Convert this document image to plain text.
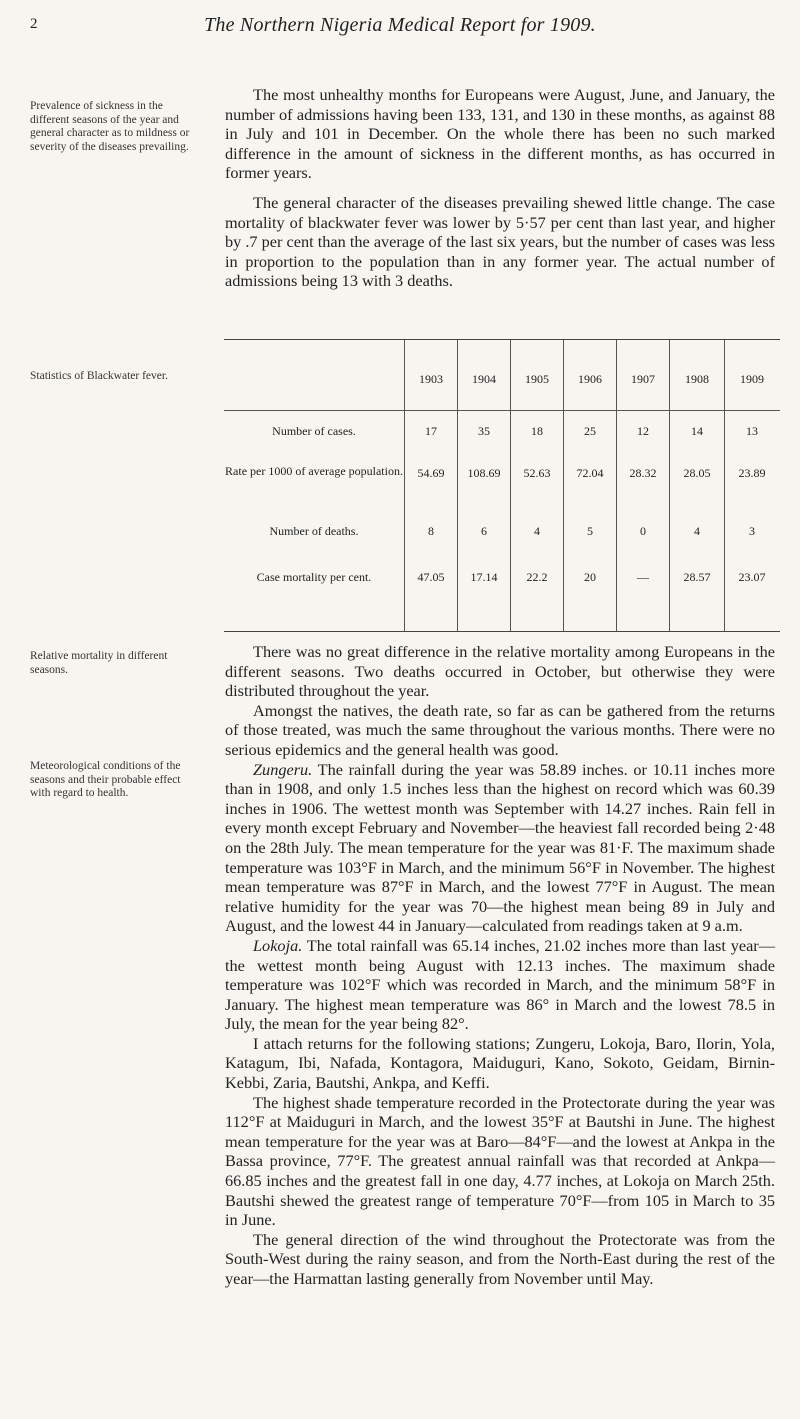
2	The Northern Nigeria Medical Report for 1909.
Prevalence of sickness in the different seasons of the year and general character as to mildness or severity of the diseases prevailing.
Statistics of Blackwater fever.
Relative mortality in different seasons.
Meteorological conditions of the seasons and their probable effect with regard to health.

The most unhealthy months for Europeans were August, June, and January, the number of admissions having been 133, 131, and 130 in these months, as against 88 in July and 101 in December. On the whole there has been no such marked difference in the amount of sickness in the different months, as has occurred in former years.

The general character of the diseases prevailing shewed little change. The case mortality of blackwater fever was lower by 5·57 per cent than last year, and higher by .7 per cent than the average of the last six years, but the number of cases was less in proportion to the population than in any former year. The actual number of admissions being 13 with 3 deaths.

1903 1904 1905 1906 1907	1908	1909
Number of cases.	17	35	18	25	12	14	13
Rate per 1000 of average population. 54.69 108.69 52.63 72.04 28.32 28.05 23.89
Number of deaths.	8	6	4	5	0	4	3
Case mortality per cent.	47.05 17.14 22.2	20	—	28.57 23.07

There was no great difference in the relative mortality among Europeans in the different seasons. Two deaths occurred in October, but otherwise they were distributed throughout the year.

Amongst the natives, the death rate, so far as can be gathered from the returns of those treated, was much the same throughout the various months. There were no serious epidemics and the general health was good.

Zungeru. The rainfall during the year was 58.89 inches. or 10.11 inches more than in 1908, and only 1.5 inches less than the highest on record which was 60.39 inches in 1906. The wettest month was September with 14.27 inches. Rain fell in every month except February and November—the heaviest fall recorded being 2·48 on the 28th July. The mean temperature for the year was 81·F. The maximum shade temperature was 103°F in March, and the minimum 56°F in November. The highest mean temperature was 87°F in March, and the lowest 77°F in August. The mean relative humidity for the year was 70—the highest mean being 89 in July and August, and the lowest 44 in January—calculated from readings taken at 9 a.m.

Lokoja. The total rainfall was 65.14 inches, 21.02 inches more than last year—the wettest month being August with 12.13 inches. The maximum shade temperature was 102°F which was recorded in March, and the minimum 58°F in January. The highest mean temperature was 86° in March and the lowest 78.5 in July, the mean for the year being 82°.

I attach returns for the following stations; Zungeru, Lokoja, Baro, Ilorin, Yola, Katagum, Ibi, Nafada, Kontagora, Maiduguri, Kano, Sokoto, Geidam, Birnin-Kebbi, Zaria, Bautshi, Ankpa, and Keffi.

The highest shade temperature recorded in the Protectorate during the year was 112°F at Maiduguri in March, and the lowest 35°F at Bautshi in June. The highest mean temperature for the year was at Baro—84°F—and the lowest at Ankpa in the Bassa province, 77°F. The greatest annual rainfall was that recorded at Ankpa—66.85 inches and the greatest fall in one day, 4.77 inches, at Lokoja on March 25th. Bautshi shewed the greatest range of temperature 70°F—from 105 in March to 35 in June.

The general direction of the wind throughout the Protectorate was from the South-West during the rainy season, and from the North-East during the rest of the year—the Harmattan lasting generally from November until May.
